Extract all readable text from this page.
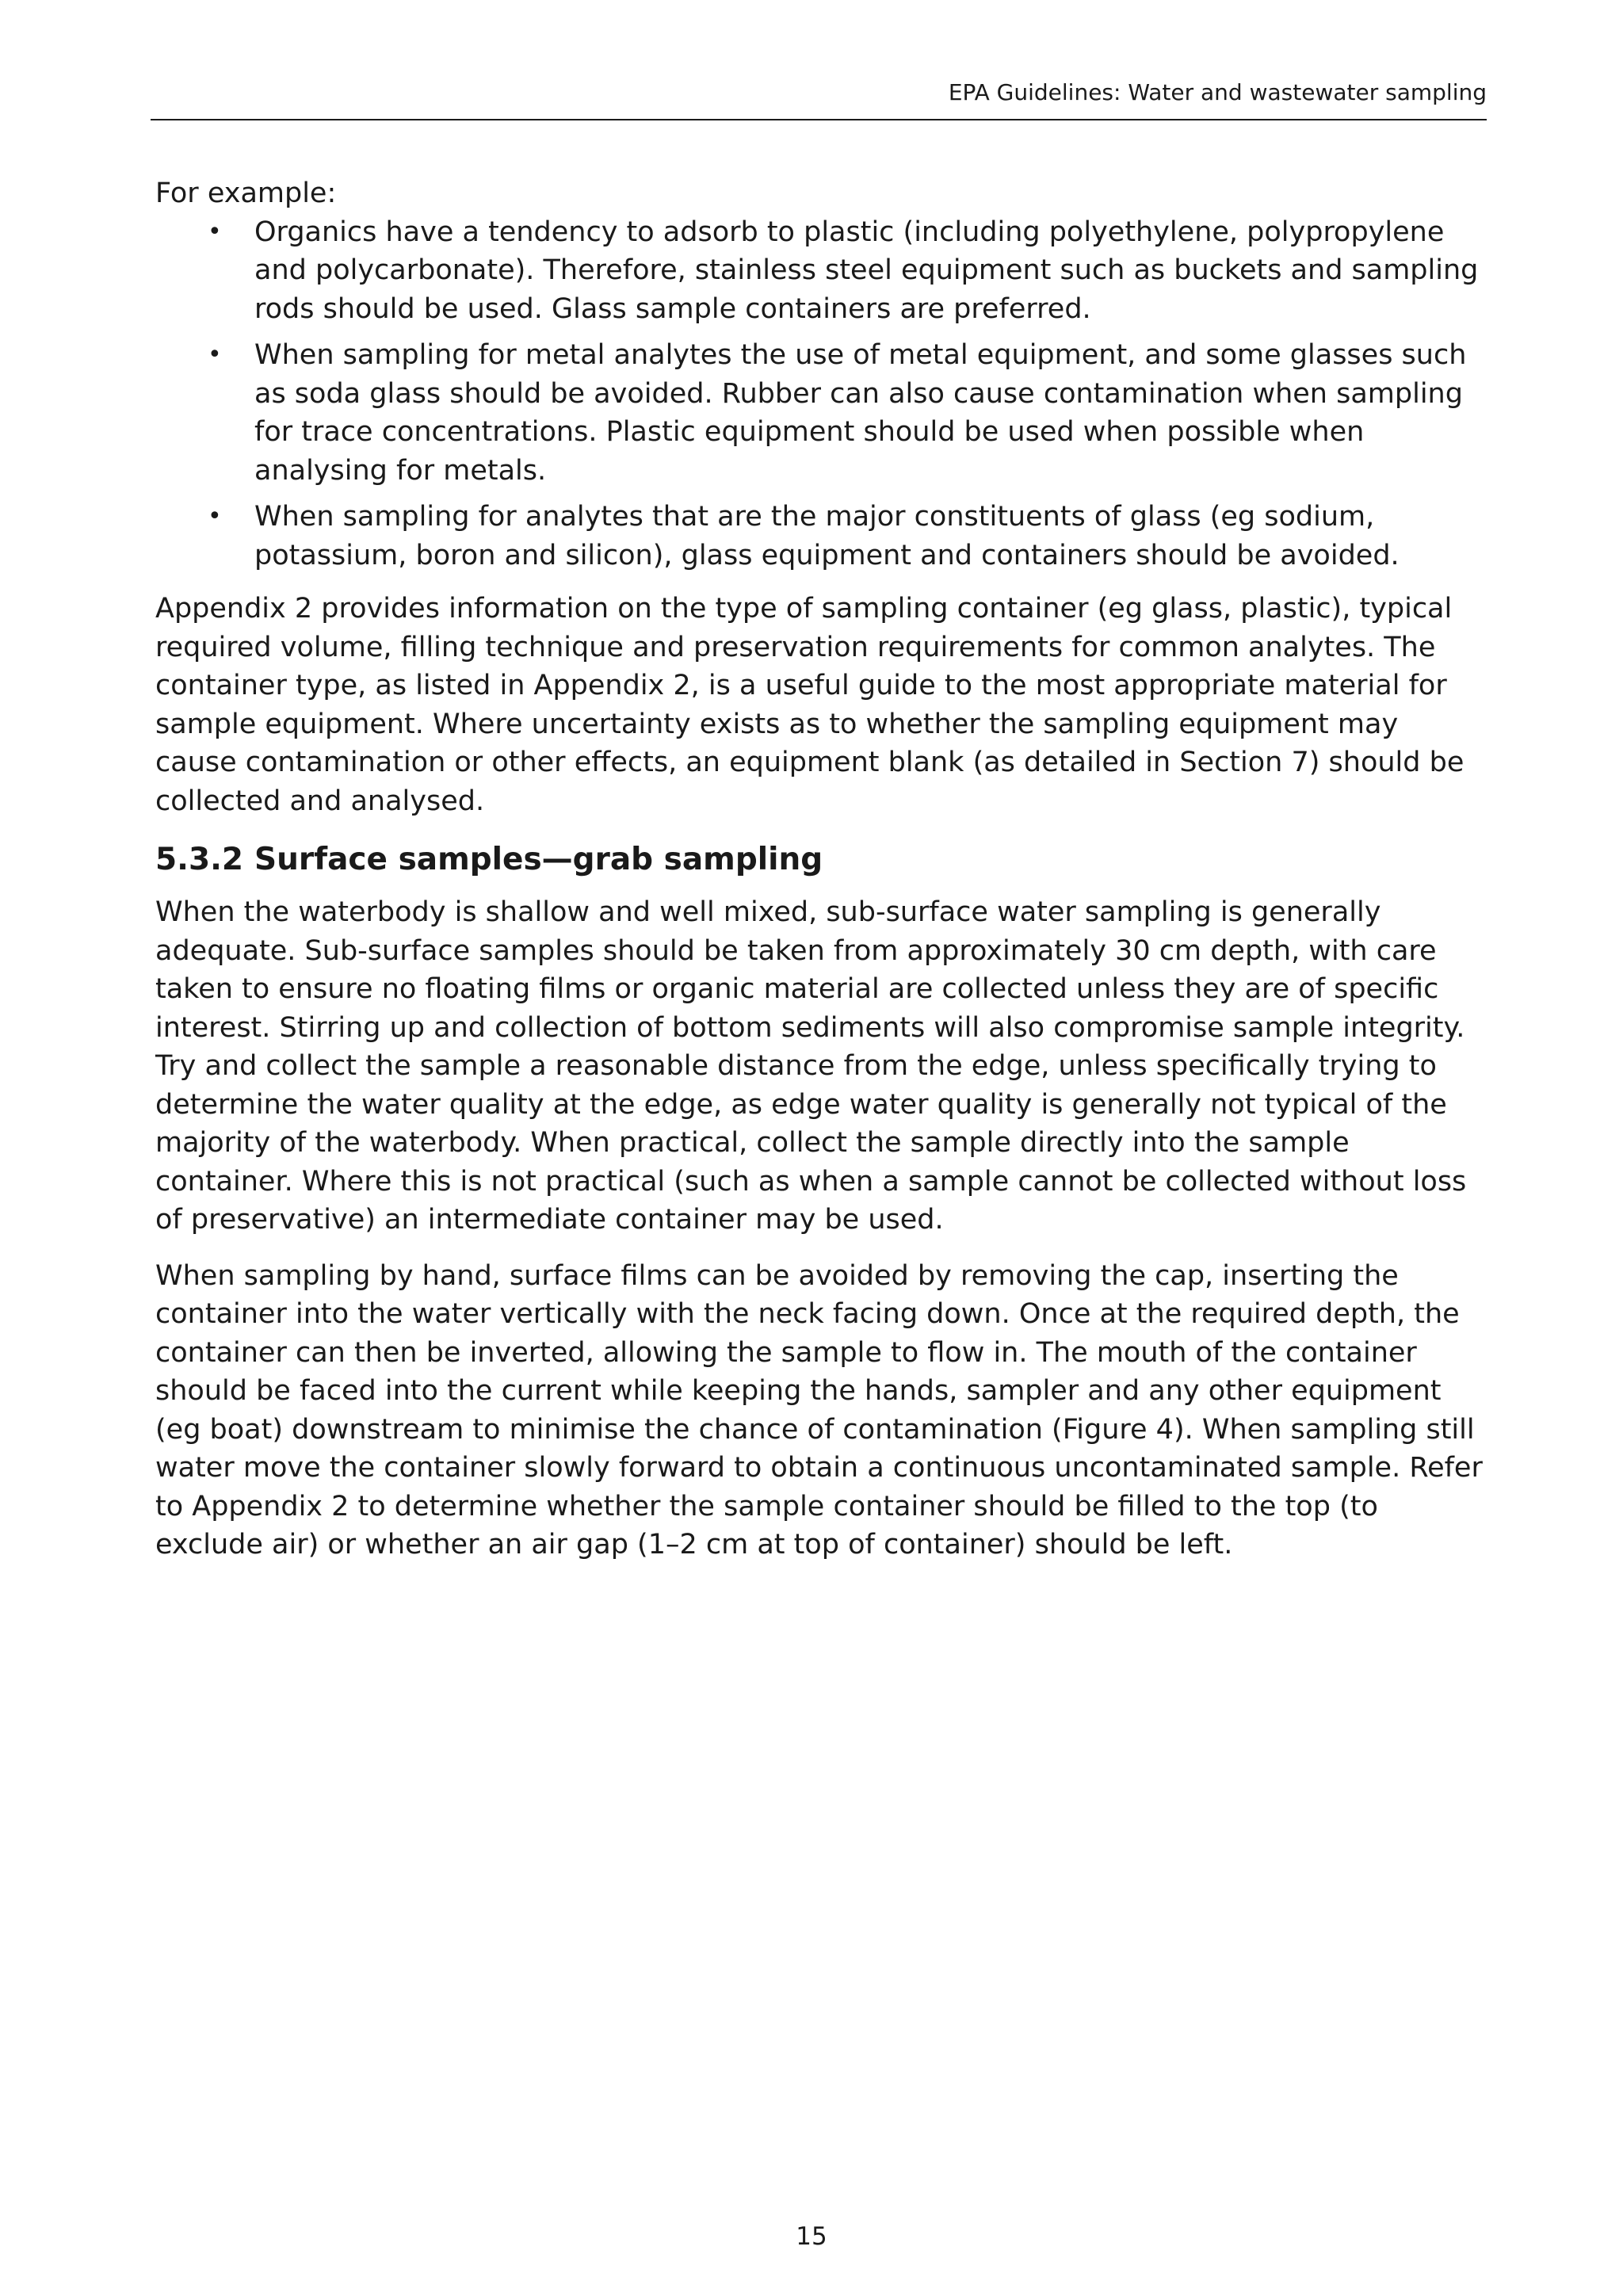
EPA Guidelines: Water and wastewater sampling

For example:

• Organics have a tendency to adsorb to plastic (including polyethylene, polypropylene and polycarbonate). Therefore, stainless steel equipment such as buckets and sampling rods should be used. Glass sample containers are preferred.
• When sampling for metal analytes the use of metal equipment, and some glasses such as soda glass should be avoided. Rubber can also cause contamination when sampling for trace concentrations. Plastic equipment should be used when possible when analysing for metals.
• When sampling for analytes that are the major constituents of glass (eg sodium, potassium, boron and silicon), glass equipment and containers should be avoided.

Appendix 2 provides information on the type of sampling container (eg glass, plastic), typical required volume, filling technique and preservation requirements for common analytes. The container type, as listed in Appendix 2, is a useful guide to the most appropriate material for sample equipment. Where uncertainty exists as to whether the sampling equipment may cause contamination or other effects, an equipment blank (as detailed in Section 7) should be collected and analysed.

5.3.2 Surface samples—grab sampling

When the waterbody is shallow and well mixed, sub-surface water sampling is generally adequate. Sub-surface samples should be taken from approximately 30 cm depth, with care taken to ensure no floating films or organic material are collected unless they are of specific interest. Stirring up and collection of bottom sediments will also compromise sample integrity. Try and collect the sample a reasonable distance from the edge, unless specifically trying to determine the water quality at the edge, as edge water quality is generally not typical of the majority of the waterbody. When practical, collect the sample directly into the sample container. Where this is not practical (such as when a sample cannot be collected without loss of preservative) an intermediate container may be used.

When sampling by hand, surface films can be avoided by removing the cap, inserting the container into the water vertically with the neck facing down. Once at the required depth, the container can then be inverted, allowing the sample to flow in. The mouth of the container should be faced into the current while keeping the hands, sampler and any other equipment (eg boat) downstream to minimise the chance of contamination (Figure 4). When sampling still water move the container slowly forward to obtain a continuous uncontaminated sample. Refer to Appendix 2 to determine whether the sample container should be filled to the top (to exclude air) or whether an air gap (1–2 cm at top of container) should be left.

15
